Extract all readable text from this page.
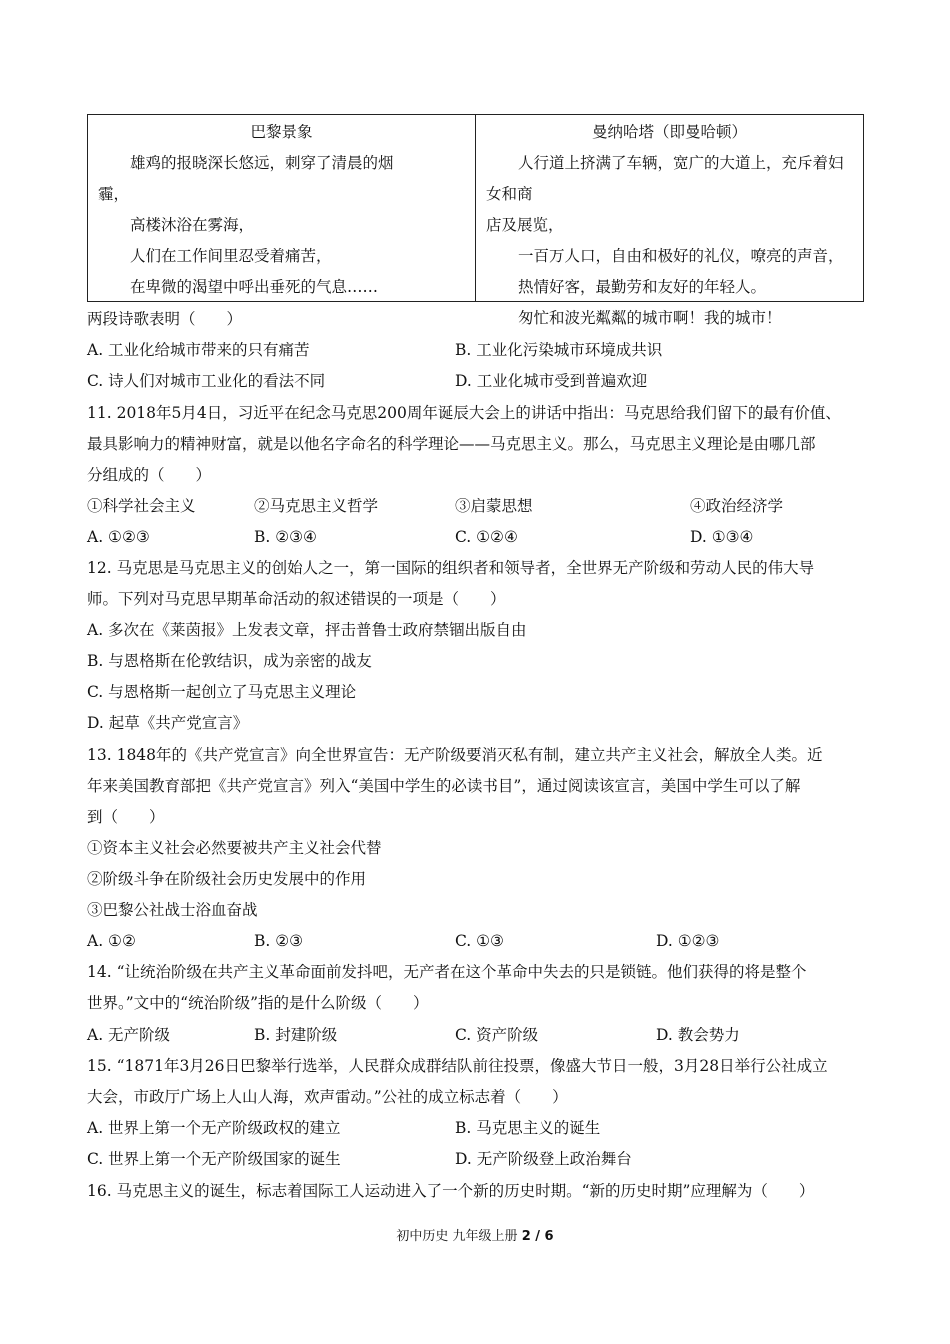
巴黎景象
雄鸡的报晓深长悠远，刺穿了清晨的烟
霾，
高楼沐浴在雾海，
人们在工作间里忍受着痛苦，
在卑微的渴望中呼出垂死的气息……
曼纳哈塔（即曼哈顿）
人行道上挤满了车辆，宽广的大道上，充斥着妇女和商
店及展览，
一百万人口，自由和极好的礼仪，嘹亮的声音，
热情好客，最勤劳和友好的年轻人。
匆忙和波光粼粼的城市啊！我的城市！
两段诗歌表明（　　）
A. 工业化给城市带来的只有痛苦	B. 工业化污染城市环境成共识
C. 诗人们对城市工业化的看法不同	D. 工业化城市受到普遍欢迎
11. 2018年5月4日，习近平在纪念马克思200周年诞辰大会上的讲话中指出：马克思给我们留下的最有价值、
最具影响力的精神财富，就是以他名字命名的科学理论——马克思主义。那么，马克思主义理论是由哪几部
分组成的（　　）
①科学社会主义	②马克思主义哲学	③启蒙思想	④政治经济学
A. ①②③	B. ②③④	C. ①②④	D. ①③④
12. 马克思是马克思主义的创始人之一，第一国际的组织者和领导者，全世界无产阶级和劳动人民的伟大导
师。下列对马克思早期革命活动的叙述错误的一项是（　　）
A. 多次在《莱茵报》上发表文章，抨击普鲁士政府禁锢出版自由
B. 与恩格斯在伦敦结识，成为亲密的战友
C. 与恩格斯一起创立了马克思主义理论
D. 起草《共产党宣言》
13. 1848年的《共产党宣言》向全世界宣告：无产阶级要消灭私有制，建立共产主义社会，解放全人类。近
年来美国教育部把《共产党宣言》列入“美国中学生的必读书目”，通过阅读该宣言，美国中学生可以了解
到（　　）
①资本主义社会必然要被共产主义社会代替
②阶级斗争在阶级社会历史发展中的作用
③巴黎公社战士浴血奋战
A. ①②	B. ②③	C. ①③	D. ①②③
14. “让统治阶级在共产主义革命面前发抖吧，无产者在这个革命中失去的只是锁链。他们获得的将是整个
世界。”文中的“统治阶级”指的是什么阶级（　　）
A. 无产阶级	B. 封建阶级	C. 资产阶级	D. 教会势力
15. “1871年3月26日巴黎举行选举，人民群众成群结队前往投票，像盛大节日一般，3月28日举行公社成立
大会，市政厅广场上人山人海，欢声雷动。”公社的成立标志着（　　）
A. 世界上第一个无产阶级政权的建立	B. 马克思主义的诞生
C. 世界上第一个无产阶级国家的诞生	D. 无产阶级登上政治舞台
16. 马克思主义的诞生，标志着国际工人运动进入了一个新的历史时期。“新的历史时期”应理解为（　　）
初中历史 九年级上册 2 / 6
